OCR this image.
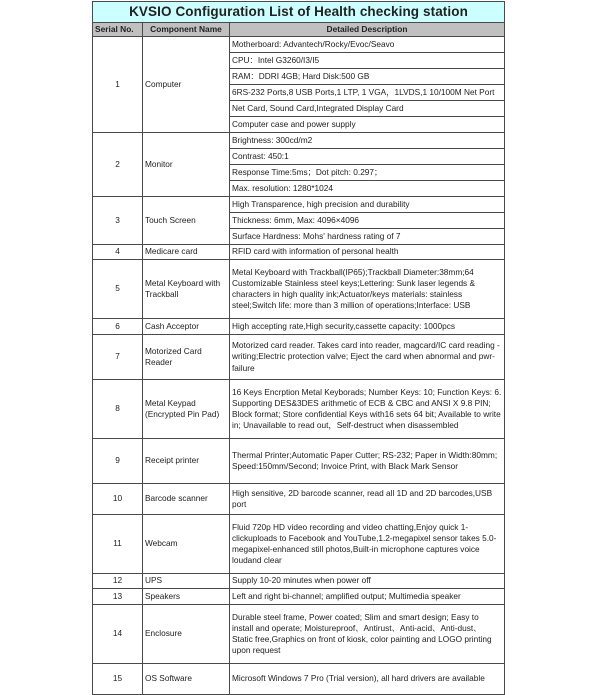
KVSIO Configuration List of Health checking station		
Serial No.	Component Name	Detailed Description
1	Computer	Motherboard: Advantech/Rocky/Evoc/Seavo
		CPU：Intel G3260/I3/I5
		RAM：DDRI 4GB; Hard Disk:500 GB
		6RS-232 Ports,8 USB Ports,1 LTP, 1 VGA，1LVDS,1 10/100M Net Port
		Net Card, Sound Card,Integrated Display Card
		Computer case and power supply
2	Monitor	Brightness: 300cd/m2
		Contrast: 450:1
		Response Time:5ms；Dot pitch: 0.297；
		Max. resolution: 1280*1024
3	Touch Screen	High Transparence, high precision and durability
		Thickness: 6mm, Max: 4096×4096
		Surface Hardness: Mohs' hardness rating of 7
4	Medicare card	RFID card with information of personal health
5	Metal Keyboard with Trackball	Metal Keyboard with Trackball(IP65);Trackball Diameter:38mm;64 Customizable Stainless steel keys;Lettering: Sunk laser legends & characters in high quality ink;Actuator/keys materials: stainless steel;Switch life: more than 3 million of operations;Interface: USB
6	Cash Acceptor	High accepting rate,High security,cassette capacity: 1000pcs
7	Motorized Card Reader	Motorized card reader. Takes card into reader, magcard/IC card reading - writing;Electric protection valve; Eject the card when abnormal and pwr-failure
8	Metal Keypad (Encrypted Pin Pad)	16 Keys Encrption Metal Keyborads; Number Keys: 10; Function Keys: 6. Supporting DES&3DES arithmetic of ECB & CBC and ANSI X 9.8 PIN; Block format; Store confidential Keys with16 sets 64 bit; Available to write in; Unavailable to read out，Self-destruct when disassembled
9	Receipt printer	Thermal Printer;Automatic Paper Cutter; RS-232; Paper in Width:80mm; Speed:150mm/Second; Invoice Print, with Black Mark Sensor
10	Barcode scanner	High sensitive, 2D barcode scanner, read all 1D and 2D barcodes,USB port
11	Webcam	Fluid 720p HD video recording and video chatting,Enjoy quick 1-clickuploads to Facebook and YouTube,1.2-megapixel sensor takes 5.0-megapixel-enhanced still photos,Built-in microphone captures voice loudand clear
12	UPS	Supply 10-20 minutes when power off
13	Speakers	Left and right bi-channel; amplified output; Multimedia speaker
14	Enclosure	Durable steel frame, Power coated; Slim and smart design; Easy to install and operate; Moistureproof、Antirust、Anti-acid、Anti-dust、Static free,Graphics on front of kiosk, color painting and LOGO printing upon request
15	OS Software	Microsoft Windows 7 Pro (Trial version), all hard drivers are available
